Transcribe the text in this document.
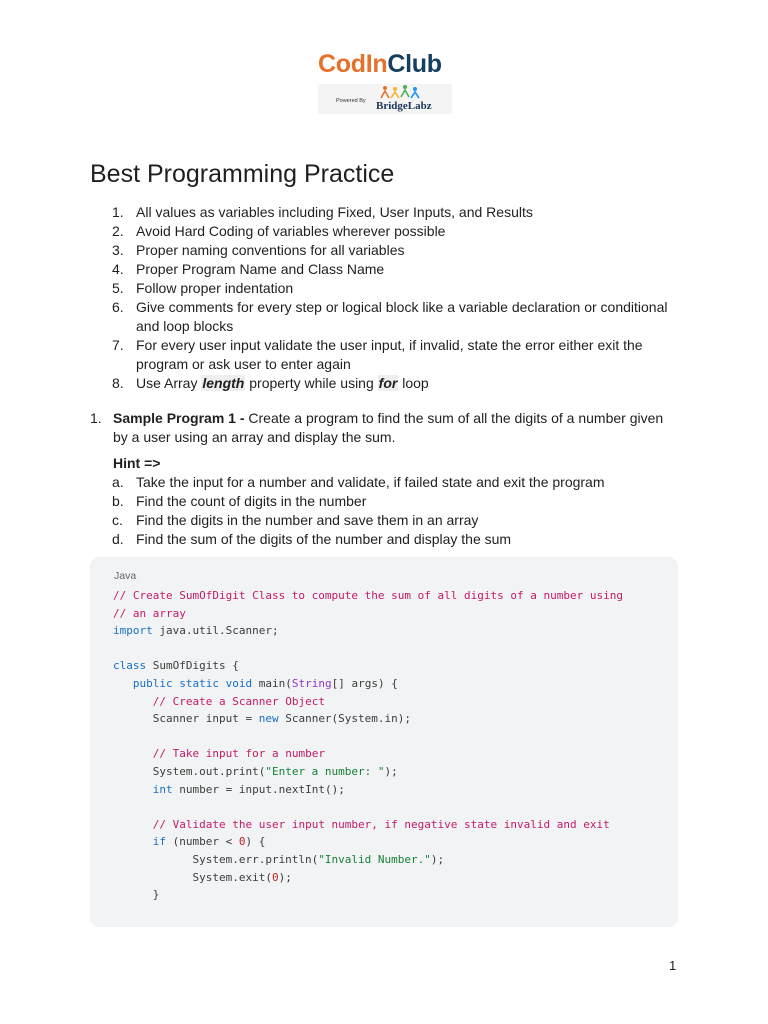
CodInClub
Powered By BridgeLabz
Best Programming Practice
1. All values as variables including Fixed, User Inputs, and Results
2. Avoid Hard Coding of variables wherever possible
3. Proper naming conventions for all variables
4. Proper Program Name and Class Name
5. Follow proper indentation
6. Give comments for every step or logical block like a variable declaration or conditional and loop blocks
7. For every user input validate the user input, if invalid, state the error either exit the program or ask user to enter again
8. Use Array length property while using for loop
1. Sample Program 1 - Create a program to find the sum of all the digits of a number given by a user using an array and display the sum.
Hint =>
a. Take the input for a number and validate, if failed state and exit the program
b. Find the count of digits in the number
c. Find the digits in the number and save them in an array
d. Find the sum of the digits of the number and display the sum
Java
// Create SumOfDigit Class to compute the sum of all digits of a number using
// an array
import java.util.Scanner;

class SumOfDigits {
public static void main(String[] args) {
// Create a Scanner Object
Scanner input = new Scanner(System.in);

// Take input for a number
System.out.print("Enter a number: ");
int number = input.nextInt();

// Validate the user input number, if negative state invalid and exit
if (number < 0) {
System.err.println("Invalid Number.");
System.exit(0);
}
1
